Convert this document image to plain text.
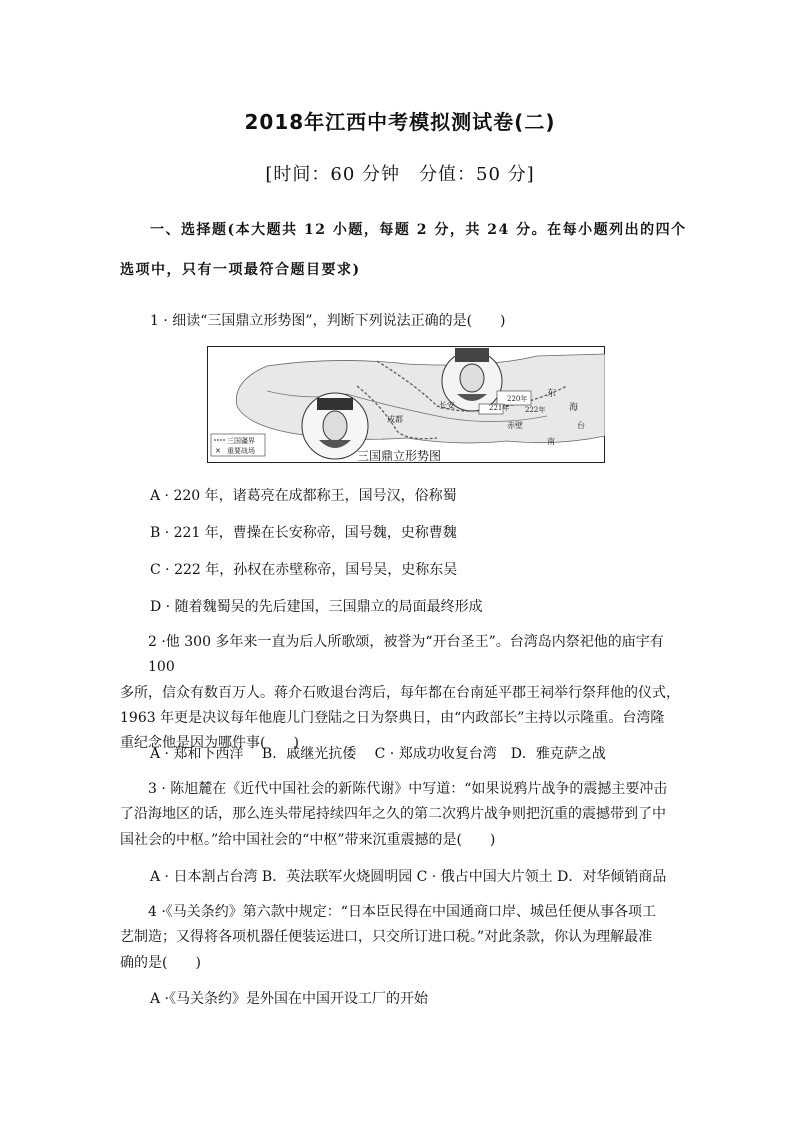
2018年江西中考模拟测试卷(二)
[时间：60 分钟　分值：50 分]
一、选择题(本大题共 12 小题，每题 2 分，共 24 分。在每小题列出的四个
选项中，只有一项最符合题目要求)
1 · 细读“三国鼎立形势图”，判断下列说法正确的是(　　)
成都
长安
220年
221年 222年
赤壁
东
海
南
台
三国疆界
✕ 重要战场	三国鼎立形势图
A · 220 年，诸葛亮在成都称王，国号汉，俗称蜀
B · 221 年，曹操在长安称帝，国号魏，史称曹魏
C · 222 年，孙权在赤壁称帝，国号吴，史称东吴
D · 随着魏蜀吴的先后建国，三国鼎立的局面最终形成
2 ·他 300 多年来一直为后人所歌颂，被誉为“开台圣王”。台湾岛内祭祀他的庙宇有 100
多所，信众有数百万人。蒋介石败退台湾后，每年都在台南延平郡王祠举行祭拜他的仪式，
1963 年更是决议每年他鹿儿门登陆之日为祭典日，由“内政部长”主持以示隆重。台湾隆
重纪念他是因为哪件事(　　)
A · 郑和下西洋　 B．戚继光抗倭　 C · 郑成功收复台湾　D．雅克萨之战
3 · 陈旭麓在《近代中国社会的新陈代谢》中写道：“如果说鸦片战争的震撼主要冲击
了沿海地区的话，那么连头带尾持续四年之久的第二次鸦片战争则把沉重的震撼带到了中
国社会的中枢。”给中国社会的“中枢”带来沉重震撼的是(　　)
A · 日本割占台湾 B．英法联军火烧圆明园 C · 俄占中国大片领土 D．对华倾销商品
4 ·《马关条约》第六款中规定：“日本臣民得在中国通商口岸、城邑任便从事各项工
艺制造；又得将各项机器任便装运进口，只交所订进口税。”对此条款，你认为理解最准
确的是(　　)
A ·《马关条约》是外国在中国开设工厂的开始
